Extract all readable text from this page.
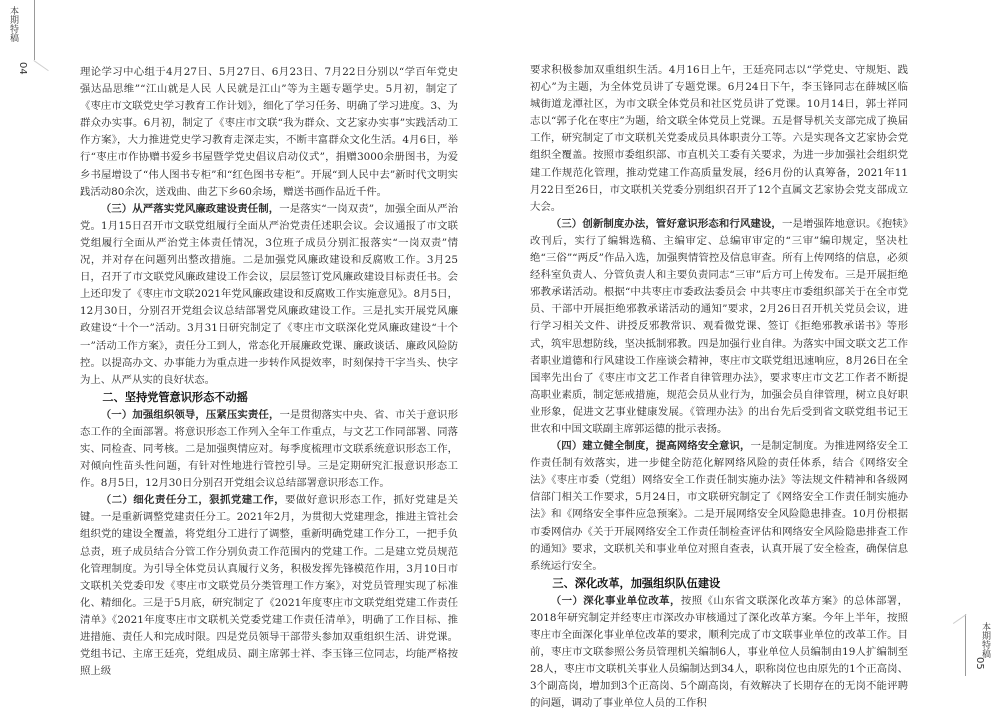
本期特稿
04
本期特稿
05

理论学习中心组于4月27日、5月27日、6月23日、7月22日分别以“学百年党史 强达品思维”“江山就是人民 人民就是江山”等为主题专题学史。5月初，制定了《枣庄市文联党史学习教育工作计划》，细化了学习任务、明确了学习进度。3、为群众办实事。6月初，制定了《枣庄市文联“我为群众、文艺家办实事”实践活动工作方案》，大力推进党史学习教育走深走实，不断丰富群众文化生活。4月6日，举行“枣庄市作协赠书爱乡书屋暨学党史倡议启动仪式”，捐赠3000余册图书，为爱乡书屋增设了“伟人图书专柜”和“红色图书专柜”。开展“到人民中去”新时代文明实践活动80余次，送戏曲、曲艺下乡60余场，赠送书画作品近千件。

（三）从严落实党风廉政建设责任制，一是落实“一岗双责”，加强全面从严治党。1月15日召开市文联党组履行全面从严治党责任述职会议。会议通报了市文联党组履行全面从严治党主体责任情况，3位班子成员分别汇报落实“一岗双责”情况，并对存在问题列出整改措施。二是加强党风廉政建设和反腐败工作。3月25日，召开了市文联党风廉政建设工作会议，层层签订党风廉政建设目标责任书。会上还印发了《枣庄市文联2021年党风廉政建设和反腐败工作实施意见》。8月5日，12月30日，分别召开党组会议总结部署党风廉政建设工作。三是扎实开展党风廉政建设“十个一”活动。3月31日研究制定了《枣庄市文联深化党风廉政建设“十个一”活动工作方案》，责任分工到人，常态化开展廉政党课、廉政谈话、廉政风险防控。以提高办文、办事能力为重点进一步转作风提效率，时刻保持干字当头、快字为上、从严从实的良好状态。

二、坚持党管意识形态不动摇

（一）加强组织领导，压紧压实责任，一是贯彻落实中央、省、市关于意识形态工作的全面部署。将意识形态工作列入全年工作重点，与文艺工作同部署、同落实、同检查、同考核。二是加强舆情应对。每季度梳理市文联系统意识形态工作，对倾向性苗头性问题，有针对性地进行管控引导。三是定期研究汇报意识形态工作。8月5日，12月30日分别召开党组会议总结部署意识形态工作。

（二）细化责任分工，狠抓党建工作，要做好意识形态工作，抓好党建是关键。一是重新调整党建责任分工。2021年2月，为贯彻大党建理念，推进主管社会组织党的建设全覆盖，将党组分工进行了调整，重新明确党建工作分工，一把手负总责，班子成员结合分管工作分别负责工作范围内的党建工作。二是建立党员规范化管理制度。为引导全体党员认真履行义务，积极发挥先锋模范作用，3月10日市文联机关党委印发《枣庄市文联党员分类管理工作方案》，对党员管理实现了标准化、精细化。三是于5月底，研究制定了《2021年度枣庄市文联党组党建工作责任清单》《2021年度枣庄市文联机关党委党建工作责任清单》，明确了工作目标、推进措施、责任人和完成时限。四是党员领导干部带头参加双重组织生活、讲党课。党组书记、主席王廷亮，党组成员、副主席郭士祥、李玉锋三位同志，均能严格按照上级

要求积极参加双重组织生活。4月16日上午，王廷亮同志以“学党史、守规矩、践初心”为主题，为全体党员讲了专题党课。6月24日下午，李玉锋同志在薛城区临城街道龙潭社区，为市文联全体党员和社区党员讲了党课。10月14日，郭士祥同志以“郭子化在枣庄”为题，给文联全体党员上党课。五是督导机关支部完成了换届工作，研究制定了市文联机关党委成员具体职责分工等。六是实现各文艺家协会党组织全覆盖。按照市委组织部、市直机关工委有关要求，为进一步加强社会组织党建工作规范化管理，推动党建工作高质量发展，经6月份的认真筹备，2021年11月22日至26日，市文联机关党委分别组织召开了12个直属文艺家协会党支部成立大会。

（三）创新制度办法，管好意识形态和行风建设，一是增强阵地意识。《抱犊》改刊后，实行了编辑选稿、主编审定、总编审审定的“三审”编印规定，坚决杜绝“三俗”“两反”作品入选，加强舆情管控及信息审查。所有上传网络的信息，必须经科室负责人、分管负责人和主要负责同志“三审”后方可上传发布。三是开展拒绝邪教承诺活动。根据“中共枣庄市委政法委员会 中共枣庄市委组织部关于在全市党员、干部中开展拒绝邪教承诺活动的通知”要求，2月26日召开机关党员会议，进行学习相关文件、讲授反邪教常识、观看微党课、签订《拒绝邪教承诺书》等形式，筑牢思想防线，坚决抵制邪教。四是加强行业自律。为落实中国文联文艺工作者职业道德和行风建设工作座谈会精神，枣庄市文联党组迅速响应，8月26日在全国率先出台了《枣庄市文艺工作者自律管理办法》，要求枣庄市文艺工作者不断提高职业素质，制定惩戒措施，规范会员从业行为，加强会员自律管理，树立良好职业形象，促进文艺事业健康发展。《管理办法》的出台先后受到省文联党组书记王世农和中国文联副主席郭运德的批示表扬。

（四）建立健全制度，提高网络安全意识，一是制定制度。为推进网络安全工作责任制有效落实，进一步健全防范化解网络风险的责任体系，结合《网络安全法》《枣庄市委（党组）网络安全工作责任制实施办法》等法规文件精神和各级网信部门相关工作要求，5月24日，市文联研究制定了《网络安全工作责任制实施办法》和《网络安全事件应急预案》。二是开展网络安全风险隐患排查。10月份根据市委网信办《关于开展网络安全工作责任制检查评估和网络安全风险隐患排查工作的通知》要求，文联机关和事业单位对照自查表，认真开展了安全检查，确保信息系统运行安全。

三、深化改革，加强组织队伍建设

（一）深化事业单位改革，按照《山东省文联深化改革方案》的总体部署，2018年研究制定并经枣庄市深改办审核通过了深化改革方案。今年上半年，按照枣庄市全面深化事业单位改革的要求，顺利完成了市文联事业单位的改革工作。目前，枣庄市文联参照公务员管理机关编制6人，事业单位人员编制由19人扩编制至28人，枣庄市文联机关事业人员编制达到34人，职称岗位也由原先的1个正高岗、3个副高岗，增加到3个正高岗、5个副高岗，有效解决了长期存在的无岗不能评聘的问题，调动了事业单位人员的工作积
